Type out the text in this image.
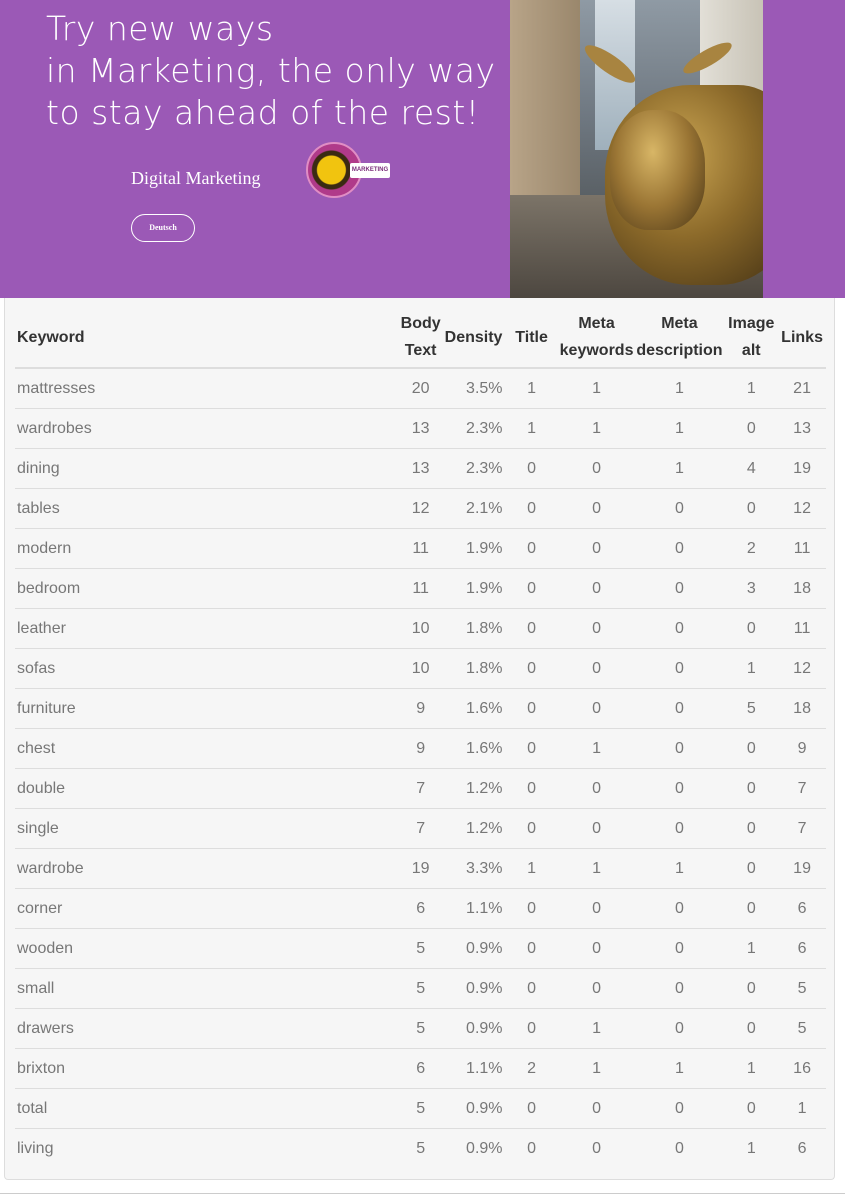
Try new ways
in Marketing, the only way
to stay ahead of the rest!
Digital Marketing	MARKETING
Deutsch
Keyword	Body Text	Density	Title	Meta keywords	Meta description	Image alt	Links
mattresses	20	3.5%	1	1	1	1	21
wardrobes	13	2.3%	1	1	1	0	13
dining	13	2.3%	0	0	1	4	19
tables	12	2.1%	0	0	0	0	12
modern	11	1.9%	0	0	0	2	11
bedroom	11	1.9%	0	0	0	3	18
leather	10	1.8%	0	0	0	0	11
sofas	10	1.8%	0	0	0	1	12
furniture	9	1.6%	0	0	0	5	18
chest	9	1.6%	0	1	0	0	9
double	7	1.2%	0	0	0	0	7
single	7	1.2%	0	0	0	0	7
wardrobe	19	3.3%	1	1	1	0	19
corner	6	1.1%	0	0	0	0	6
wooden	5	0.9%	0	0	0	1	6
small	5	0.9%	0	0	0	0	5
drawers	5	0.9%	0	1	0	0	5
brixton	6	1.1%	2	1	1	1	16
total	5	0.9%	0	0	0	0	1
living	5	0.9%	0	0	0	1	6
